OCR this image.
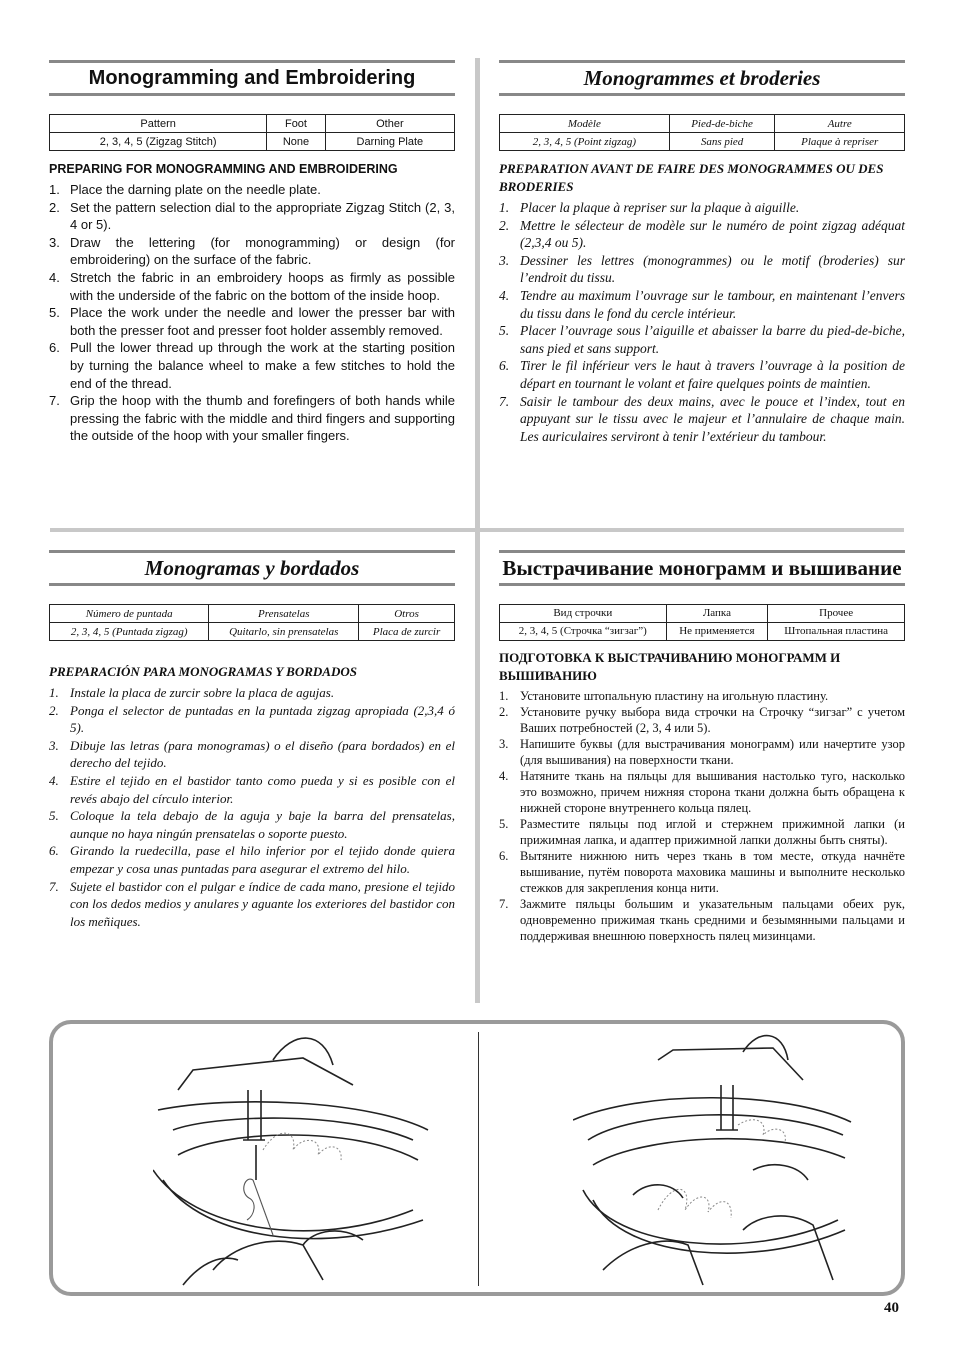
Monogramming and Embroidering
Pattern	Foot	Other
2, 3, 4, 5 (Zigzag Stitch)	None	Darning Plate
PREPARING FOR MONOGRAMMING AND EMBROIDERING
1. Place the darning plate on the needle plate.
2. Set the pattern selection dial to the appropriate Zigzag Stitch (2, 3, 4 or 5).
3. Draw the lettering (for monogramming) or design (for embroidering) on the surface of the fabric.
4. Stretch the fabric in an embroidery hoops as firmly as possible with the underside of the fabric on the bottom of the inside hoop.
5. Place the work under the needle and lower the presser bar with both the presser foot and presser foot holder assembly removed.
6. Pull the lower thread up through the work at the starting position by turning the balance wheel to make a few stitches to hold the end of the thread.
7. Grip the hoop with the thumb and forefingers of both hands while pressing the fabric with the middle and third fingers and supporting the outside of the hoop with your smaller fingers.
Monogrammes et broderies
Modèle	Pied-de-biche	Autre
2, 3, 4, 5 (Point zigzag)	Sans pied	Plaque à repriser
PREPARATION AVANT DE FAIRE DES MONOGRAMMES OU DES BRODERIES
1. Placer la plaque à repriser sur la plaque à aiguille.
2. Mettre le sélecteur de modèle sur le numéro de point zigzag adéquat (2,3,4 ou 5).
3. Dessiner les lettres (monogrammes) ou le motif (broderies) sur l’endroit du tissu.
4. Tendre au maximum l’ouvrage sur le tambour, en maintenant l’envers du tissu dans le fond du cercle intérieur.
5. Placer l’ouvrage sous l’aiguille et abaisser la barre du pied-de-biche, sans pied et sans support.
6. Tirer le fil inférieur vers le haut à travers l’ouvrage à la position de départ en tournant le volant et faire quelques points de maintien.
7. Saisir le tambour des deux mains, avec le pouce et l’index, tout en appuyant sur le tissu avec le majeur et l’annulaire de chaque main. Les auriculaires serviront à tenir l’extérieur du tambour.
Monogramas y bordados
Número de puntada	Prensatelas	Otros
2, 3, 4, 5 (Puntada zigzag)	Quitarlo, sin prensatelas	Placa de zurcir
PREPARACIÓN PARA MONOGRAMAS Y BORDADOS
1. Instale la placa de zurcir sobre la placa de agujas.
2. Ponga el selector de puntadas en la puntada zigzag apropiada (2,3,4 ó 5).
3. Dibuje las letras (para monogramas) o el diseño (para bordados) en el derecho del tejido.
4. Estire el tejido en el bastidor tanto como pueda y si es posible con el revés abajo del círculo interior.
5. Coloque la tela debajo de la aguja y baje la barra del prensatelas, aunque no haya ningún prensatelas o soporte puesto.
6. Girando la ruedecilla, pase el hilo inferior por el tejido donde quiera empezar y cosa unas puntadas para asegurar el extremo del hilo.
7. Sujete el bastidor con el pulgar e índice de cada mano, presione el tejido con los dedos medios y anulares y aguante los exteriores del bastidor con los meñiques.
Выстрачивание монограмм и вышивание
Вид строчки	Лапка	Прочее
2, 3, 4, 5 (Строчка “зигзаг”)	Не применяется	Штопальная пластина
ПОДГОТОВКА К ВЫСТРАЧИВАНИЮ МОНОГРАММ И ВЫШИВАНИЮ
1. Установите штопальную пластину на игольную пластину.
2. Установите ручку выбора вида строчки на Строчку “зигзаг” с учетом Ваших потребностей (2, 3, 4 или 5).
3. Напишите буквы (для выстрачивания монограмм) или начертите узор (для вышивания) на поверхности ткани.
4. Натяните ткань на пяльцы для вышивания настолько туго, насколько это возможно, причем нижняя сторона ткани должна быть обращена к нижней стороне внутреннего кольца пялец.
5. Разместите пяльцы под иглой и стержнем прижимной лапки (и прижимная лапка, и адаптер прижимной лапки должны быть сняты).
6. Вытяните нижнюю нить через ткань в том месте, откуда начнёте вышивание, путём поворота маховика машины и выполните несколько стежков для закрепления конца нити.
7. Зажмите пяльцы большим и указательным пальцами обеих рук, одновременно прижимая ткань средними и безымянными пальцами и поддерживая внешнюю поверхность пялец мизинцами.
40
